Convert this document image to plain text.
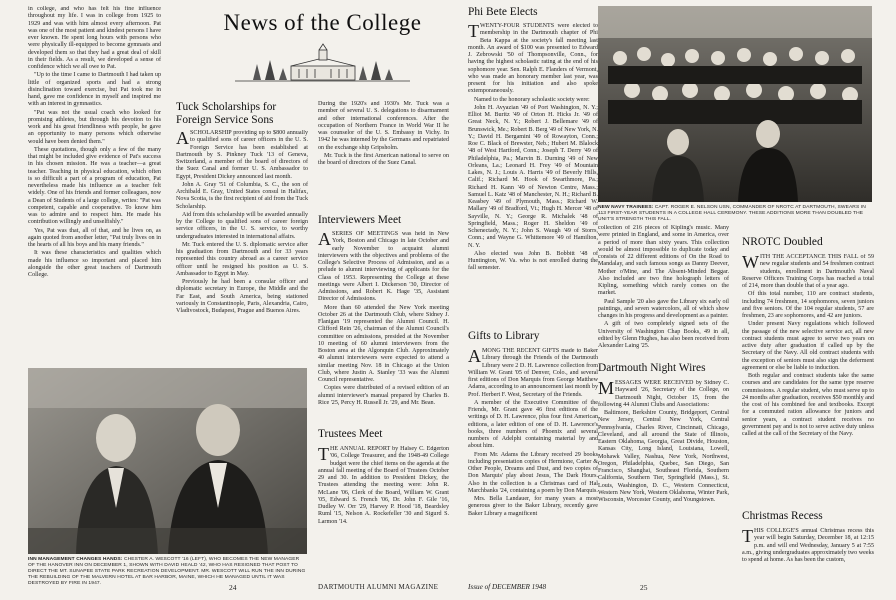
in college, and who has felt his fine influence throughout my life. I was in college from 1925 to 1929 and was with him almost every afternoon. Pat was one of the most patient and kindest persons I have ever known. He spent long hours with persons who were physically ill-equipped to become gymnasts and developed them so that they had a great deal of skill in their fields. As a result, we developed a sense of confidence which we all owe to Pat.

"Up to the time I came to Dartmouth I had taken up little of organized sports and had a strong disinclination toward exercise, but Pat took me in hand, gave me confidence in myself and inspired me with an interest in gymnastics.

"Pat was not the usual coach who looked for promising athletes, but through his devotion to his work and his great friendliness with people, he gave an opportunity to many persons which otherwise would have been denied them."

These quotations, though only a few of the many that might be included give evidence of Pat's success in his chosen mission. He was a teacher—a great teacher. Teaching in physical education, which often is so difficult a part of a program of education, Pat nevertheless made his influence as a teacher felt widely. One of his friends and former colleagues, now a Dean of Students of a large college, writes: "Pat was competent, capable and cooperative. To know him was to admire and to respect him. He made his contribution willingly and unselfishly."

Yes, Pat was that, all of that, and he lives on, as again quoted from another letter, "Pat truly lives on in the hearts of all his boys and his many friends."

It was these characteristics and qualities which made his influence so important and placed him alongside the other great teachers of Dartmouth College.

News of the College
Tuck Scholarships for Foreign Service Sons

ASCHOLARSHIP providing up to $800 annually to qualified sons of career officers in the U. S. Foreign Service has been established at Dartmouth by S. Pinkney Tuck '13 of Geneva, Switzerland, a member of the board of directors of the Suez Canal and former U. S. Ambassador to Egypt, President Dickey announced last month.

John A. Gray '51 of Columbia, S. C., the son of Archibald E. Gray, United States consul in Halifax, Nova Scotia, is the first recipient of aid from the Tuck Scholarship.

Aid from this scholarship will be awarded annually by the College to qualified sons of career foreign service officers, in the U. S. service, to worthy undergraduates interested in international affairs.

Mr. Tuck entered the U. S. diplomatic service after his graduation from Dartmouth and for 33 years represented this country abroad as a career service officer until he resigned his position as U. S. Ambassador to Egypt in May.

Previously he had been a consular officer and diplomatic secretary in Europe, the Middle and the Far East, and South America, being stationed variously in Constantinople, Paris, Alexandria, Cairo, Vladivostock, Budapest, Prague and Buenos Aires.

During the 1920's and 1930's Mr. Tuck was a member of several U. S. delegations to disarmament and other international conferences. After the occupation of Northern France in World War II he was counselor of the U. S. Embassy in Vichy. In 1942 he was interned by the Germans and repatriated on the exchange ship Gripsholm.

Mr. Tuck is the first American national to serve on the board of directors of the Suez Canal.

Interviewers Meet

ASERIES OF MEETINGS was held in New York, Boston and Chicago in late October and early November to acquaint alumni interviewers with the objectives and problems of the College's Selective Process of Admission, and as a prelude to alumni interviewing of applicants for the Class of 1953. Representing the College at these meetings were Albert I. Dickerson '30, Director of Admissions, and Robert K. Hage '35, Assistant Director of Admissions.

More than 60 attended the New York meeting October 26 at the Dartmouth Club, where Sidney J. Flanigan '19 represented the Alumni Council. H. Clifford Rein '26, chairman of the Alumni Council's committee on admissions, presided at the November 10 meeting of 60 alumni interviewers from the Boston area at the Algonquin Club. Approximately 40 alumni interviewers were expected to attend a similar meeting Nov. 18 in Chicago at the Union Club, where Justin A. Stanley '33 was the Alumni Council representative.

Copies were distributed of a revised edition of an alumni interviewer's manual prepared by Charles B. Rice '25, Percy H. Russell Jr. '29, and Mr. Bean.

Trustees Meet

THE ANNUAL REPORT by Halsey C. Edgerton '06, College Treasurer, and the 1948-49 College budget were the chief items on the agenda at the annual fall meeting of the Board of Trustees October 29 and 30. In addition to President Dickey, the Trustees attending the meeting were: John R. McLane '06, Clerk of the Board, William W. Grant '05, Edward S. French '06, Dr. John F. Gile '16, Dudley W. Orr '29, Harvey P. Hood '18, Beardsley Ruml '15, Nelson A. Rockefeller '30 and Sigurd S. Larmon '14.

INN MANAGEMENT CHANGES HANDS: CHESTER A. WESCOTT '16 (LEFT), WHO BECOMES THE NEW MANAGER OF THE HANOVER INN ON DECEMBER 1, SHOWN WITH DAVID HEALD '42, WHO HAS RESIGNED THAT POST TO DIRECT THE MT. SUNAPEE STATE PARK RECREATION DEVELOPMENT. MR. WESCOTT WILL RUN THE INN DURING THE REBUILDING OF THE MALVERN HOTEL AT BAR HARBOR, MAINE, WHICH HE MANAGED UNTIL IT WAS DESTROYED BY FIRE IN 1947.	24	DARTMOUTH ALUMNI MAGAZINE
Phi Bete Elects

TWENTY-FOUR STUDENTS were elected to membership in the Dartmouth chapter of Phi Beta Kappa at the society's fall meeting last month. An award of $100 was presented to Edward J. Zebrowski '50 of Thompsonville, Conn., for having the highest scholastic rating at the end of his sophomore year. Sen. Ralph E. Flanders of Vermont, who was made an honorary member last year, was present for his initiation and also spoke extemporaneously.

Named to the honorary scholastic society were:

John H. Avyazian '49 of Port Washington, N. Y.; Elliot M. Buritz '49 of Orton H. Hicks Jr. '49 of Great Neck, N. Y.; Robert J. Bellemare '49 of Brunswick, Me.; Robert B. Berg '49 of New York, N. Y.; David H. Bergamini '49 of Rowayton, Conn.; Roe C. Black of Brewster, Neb.; Hubert M. Blalock '48 of West Hartford, Conn.; Joseph T. Derry '49 of Philadelphia, Pa.; Marvin B. Durning '49 of New Orleans, La.; Leonard H. Frey '49 of Mountain Lakes, N. J.; Louis A. Harris '49 of Beverly Hills, Calif.; Richard M. Hook of Swarthmore, Pa.; Richard H. Kann '49 of Newton Centre, Mass.; Samuel L. Katz '48 of Manchester, N. H.; Richard B. Keasbey '49 of Plymouth, Mass.; Richard W. Mallary '49 of Bradford, Vt.; Hugh H. Mercer '48 of Sayville, N. Y.; George R. Michalek '48 of Springfield, Mass.; Roger H. Sheldon '49 of Schenectady, N. Y.; John S. Waugh '49 of Storrs, Conn.; and Wayne G. Whittemore '49 of Hamilton, N. Y.

Also elected was John B. Bobbitt '48 of Huntington, W. Va. who is not enrolled during the fall semester.

Gifts to Library

AMONG THE RECENT GIFTS made to Baker Library through the Friends of the Dartmouth Library were 2 D. H. Lawrence collection from William W. Grant '05 of Denver, Colo., and several first editions of Don Marquis from George Matthew Adams, according to an announcement last month by Prof. Herbert F. West, Secretary of the Friends.

A member of the Executive Committee of the Friends, Mr. Grant gave 46 first editions of the writings of D. H. Lawrence, plus four first American editions, a later edition of one of D. H. Lawrence's books, three numbers of Phoenix and several numbers of Adelphi containing material by and about him.

From Mr. Adams the Library received 29 books including presentation copies of Hermione, Carter & Other People, Dreams and Dust, and two copies of Don Marquis' play about Jesus, The Dark Hours. Also in the collection is a Christmas card of Hal Marchbanks '24, containing a poem by Don Marquis.

Mrs. Bella Landauer, for many years a most generous giver to the Baker Library, recently gave Baker Library a magnificent

NEW NAVY TRAINEES: CAPT. ROGER E. NELSON USN, COMMANDER OF NROTC AT DARTMOUTH, SWEARS IN 113 FIRST-YEAR STUDENTS IN A COLLEGE HALL CEREMONY. THESE ADDITIONS MORE THAN DOUBLED THE UNIT'S STRENGTH THIS FALL.

collection of 216 pieces of Kipling's music. Many were printed in England, and some in America, over a period of more than sixty years. This collection would be almost impossible to duplicate today and consists of 22 different editions of On the Road to Mandalay, and such famous songs as Danny Deever, Mother o'Mine, and The Absent-Minded Beggar. Also included are two fine holograph letters of Kipling, something which rarely comes on the market.

Paul Sample '20 also gave the Library six early oil paintings, and seven watercolors, all of which show changes in his progress and development as a painter.

A gift of two completely signed sets of the University of Washington Chap Books, 49 in all, edited by Glenn Hughes, has also been received from Alexander Laing '25.

Dartmouth Night Wires

MESSAGES WERE RECEIVED by Sidney C. Hayward '26, Secretary of the College, on Dartmouth Night, October 15, from the following 44 Alumni Clubs and Associations:

Baltimore, Berkshire County, Bridgeport, Central New Jersey, Central New York, Central Pennsylvania, Charles River, Cincinnati, Chicago, Cleveland, and all around the State of Illinois, Eastern Oklahoma, Georgia, Great Divide, Houston, Kansas City, Long Island, Louisiana, Lowell, Mohawk Valley, Nashua, New York, Northwest, Oregon, Philadelphia, Quebec, San Diego, San Francisco, Shanghai, Southeast Florida, Southern California, Southern Tier, Springfield (Mass.), St. Louis, Washington, D. C., Western Connecticut, Western New York, Western Oklahoma, Winter Park, Wisconsin, Worcester County, and Youngstown.

NROTC Doubled

WITH THE ACCEPTANCE THIS FALL of 59 new regular students and 54 freshmen contract students, enrollment in Dartmouth's Naval Reserve Officers Training Corps has reached a total of 214, more than double that of a year ago.

Of this total number, 110 are contract students, including 74 freshmen, 14 sophomores, seven juniors and five seniors. Of the 104 regular students, 57 are freshmen, 23 are sophomores, and 42 are juniors.

Under present Navy regulations which followed the passage of the new selective service act, all new contract students must agree to serve two years on active duty after graduation if called up by the Secretary of the Navy. All old contract students with the exception of seniors must also sign the deferment agreement or else be liable to induction.

Both regular and contract students take the same courses and are candidates for the same type reserve commissions. A regular student, who must serve up to 24 months after graduation, receives $50 monthly and the cost of his combined fee and textbooks. Except for a commuted ration allowance for juniors and senior years, a contract student receives no government pay and is not to serve active duty unless called at the call of the Secretary of the Navy.

Christmas Recess

THIS COLLEGE'S annual Christmas recess this year will begin Saturday, December 18, at 12:15 p.m. and will end Wednesday, January 5 at 7:55 a.m., giving undergraduates approximately two weeks to spend at home. As has been the custom,

Issue of DECEMBER 1948	25
